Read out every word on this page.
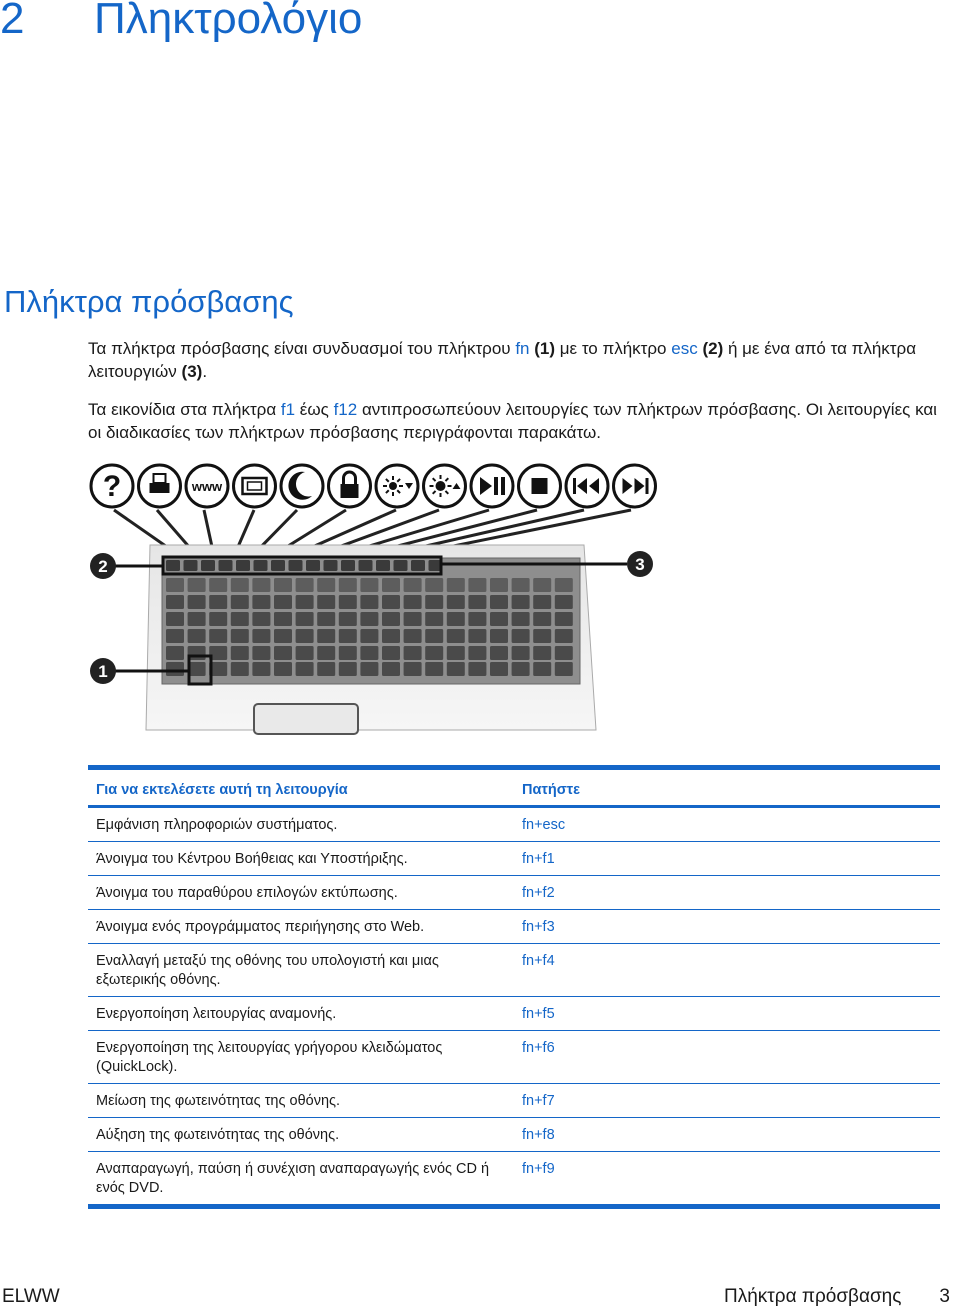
2 Πληκτρολόγιο
Πλήκτρα πρόσβασης

Τα πλήκτρα πρόσβασης είναι συνδυασμοί του πλήκτρου fn (1) με το πλήκτρο esc (2) ή με ένα από τα πλήκτρα λειτουργιών (3).

Τα εικονίδια στα πλήκτρα f1 έως f12 αντιπροσωπεύουν λειτουργίες των πλήκτρων πρόσβασης. Οι λειτουργίες και οι διαδικασίες των πλήκτρων πρόσβασης περιγράφονται παρακάτω.

?	www
2	3
1
Για να εκτελέσετε αυτή τη λειτουργία	Πατήστε
Εμφάνιση πληροφοριών συστήματος.	fn+esc
Άνοιγμα του Κέντρου Βοήθειας και Υποστήριξης.	fn+f1
Άνοιγμα του παραθύρου επιλογών εκτύπωσης.	fn+f2
Άνοιγμα ενός προγράμματος περιήγησης στο Web.	fn+f3
Εναλλαγή μεταξύ της οθόνης του υπολογιστή και μιας εξωτερικής οθόνης.	fn+f4
Ενεργοποίηση λειτουργίας αναμονής.	fn+f5
Ενεργοποίηση της λειτουργίας γρήγορου κλειδώματος (QuickLock).	fn+f6
Μείωση της φωτεινότητας της οθόνης.	fn+f7
Αύξηση της φωτεινότητας της οθόνης.	fn+f8
Αναπαραγωγή, παύση ή συνέχιση αναπαραγωγής ενός CD ή ενός DVD.	fn+f9
ELWW	Πλήκτρα πρόσβασης 3
